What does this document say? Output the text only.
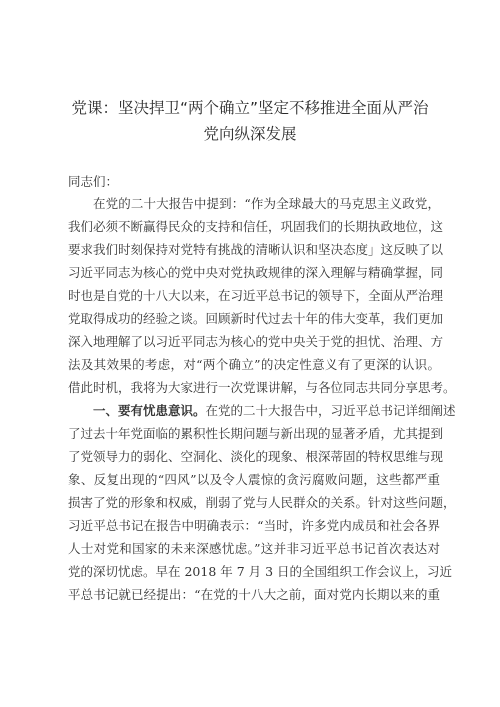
党课：坚决捍卫“两个确立”坚定不移推进全面从严治
党向纵深发展
同志们：
在党的二十大报告中提到：“作为全球最大的马克思主义政党，
我们必须不断赢得民众的支持和信任，巩固我们的长期执政地位，这
要求我们时刻保持对党特有挑战的清晰认识和坚决态度」这反映了以
习近平同志为核心的党中央对党执政规律的深入理解与精确掌握，同
时也是自党的十八大以来，在习近平总书记的领导下，全面从严治理
党取得成功的经验之谈。回顾新时代过去十年的伟大变革，我们更加
深入地理解了以习近平同志为核心的党中央关于党的担忧、治理、方
法及其效果的考虑，对“两个确立”的决定性意义有了更深的认识。
借此时机，我将为大家进行一次党课讲解，与各位同志共同分享思考。
一、要有忧患意识。在党的二十大报告中，习近平总书记详细阐述
了过去十年党面临的累积性长期问题与新出现的显著矛盾，尤其提到
了党领导力的弱化、空洞化、淡化的现象、根深蒂固的特权思维与现
象、反复出现的“四风”以及令人震惊的贪污腐败问题，这些都严重
损害了党的形象和权威，削弱了党与人民群众的关系。针对这些问题，
习近平总书记在报告中明确表示：“当时，许多党内成员和社会各界
人士对党和国家的未来深感忧虑。”这并非习近平总书记首次表达对
党的深切忧虑。早在 2018 年 7 月 3 日的全国组织工作会议上，习近
平总书记就已经提出：“在党的十八大之前，面对党内长期以来的重
